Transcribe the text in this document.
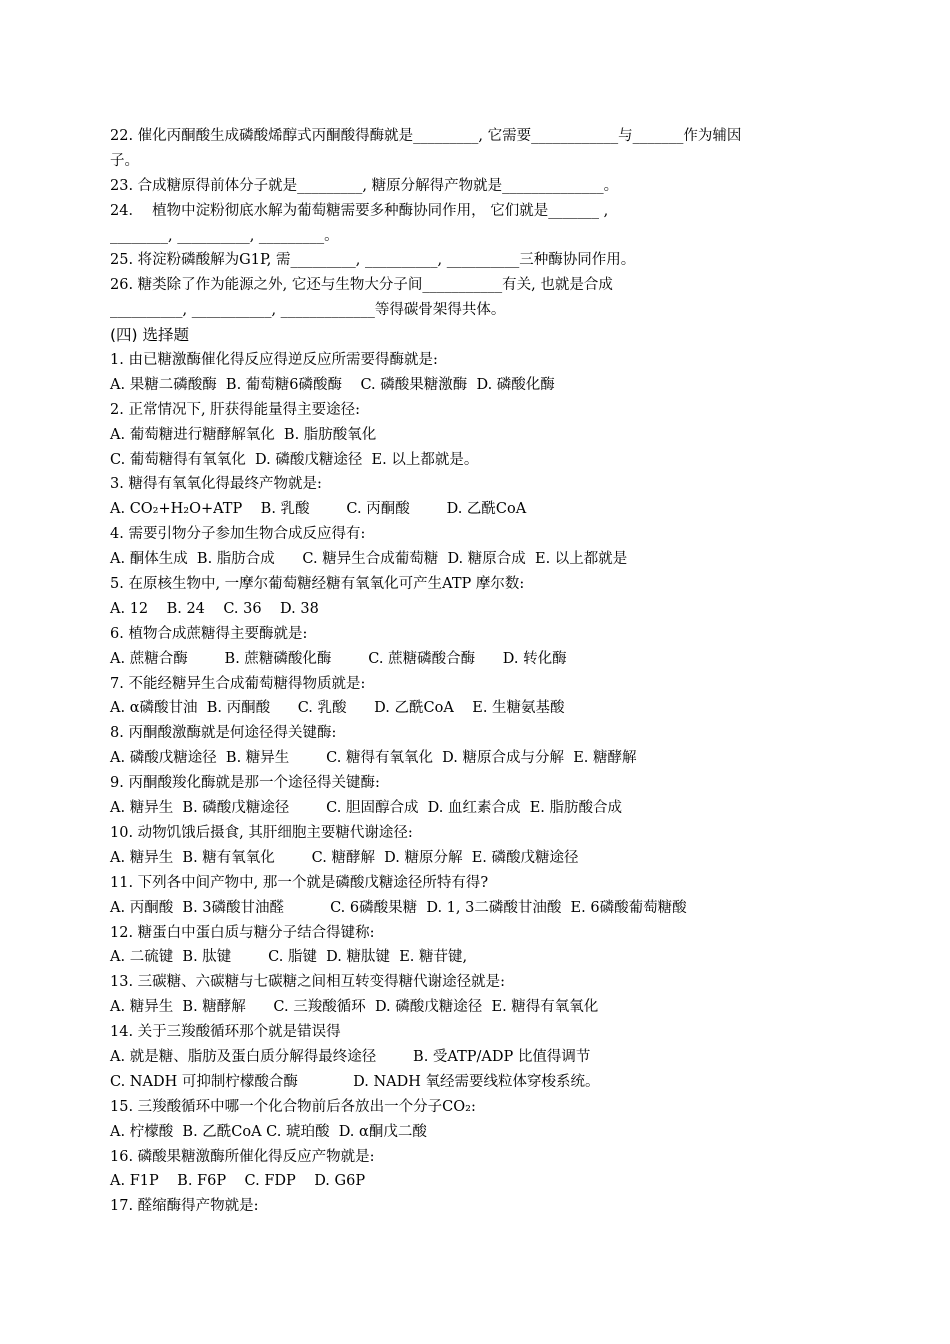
22. 催化丙酮酸生成磷酸烯醇式丙酮酸得酶就是_________, 它需要____________与_______作为辅因
子。
23. 合成糖原得前体分子就是_________, 糖原分解得产物就是______________。
24．  植物中淀粉彻底水解为葡萄糖需要多种酶协同作用， 它们就是_______ ,
________, __________, _________。
25. 将淀粉磷酸解为G1P, 需_________, __________, __________三种酶协同作用。
26. 糖类除了作为能源之外, 它还与生物大分子间___________有关, 也就是合成
__________, ___________, _____________等得碳骨架得共体。
(四) 选择题
1. 由已糖激酶催化得反应得逆反应所需要得酶就是:
A. 果糖二磷酸酶  B. 葡萄糖6磷酸酶    C. 磷酸果糖激酶  D. 磷酸化酶
2. 正常情况下, 肝获得能量得主要途径:
A. 葡萄糖进行糖酵解氧化  B. 脂肪酸氧化
C. 葡萄糖得有氧氧化  D. 磷酸戊糖途径  E. 以上都就是。
3. 糖得有氧氧化得最终产物就是:
A. CO₂+H₂O+ATP    B. 乳酸        C. 丙酮酸        D. 乙酰CoA
4. 需要引物分子参加生物合成反应得有:
A. 酮体生成  B. 脂肪合成      C. 糖异生合成葡萄糖  D. 糖原合成  E. 以上都就是
5. 在原核生物中, 一摩尔葡萄糖经糖有氧氧化可产生ATP 摩尔数:
A. 12    B. 24    C. 36    D. 38
6. 植物合成蔗糖得主要酶就是:
A. 蔗糖合酶        B. 蔗糖磷酸化酶        C. 蔗糖磷酸合酶      D. 转化酶
7. 不能经糖异生合成葡萄糖得物质就是:
A. α磷酸甘油  B. 丙酮酸      C. 乳酸      D. 乙酰CoA    E. 生糖氨基酸
8. 丙酮酸激酶就是何途径得关键酶:
A. 磷酸戊糖途径  B. 糖异生        C. 糖得有氧氧化  D. 糖原合成与分解  E. 糖酵解
9. 丙酮酸羧化酶就是那一个途径得关键酶:
A. 糖异生  B. 磷酸戊糖途径        C. 胆固醇合成  D. 血红素合成  E. 脂肪酸合成
10. 动物饥饿后摄食, 其肝细胞主要糖代谢途径:
A. 糖异生  B. 糖有氧氧化        C. 糖酵解  D. 糖原分解  E. 磷酸戊糖途径
11. 下列各中间产物中, 那一个就是磷酸戊糖途径所特有得?
A. 丙酮酸  B. 3磷酸甘油醛          C. 6磷酸果糖  D. 1, 3二磷酸甘油酸  E. 6磷酸葡萄糖酸
12. 糖蛋白中蛋白质与糖分子结合得键称:
A. 二硫键  B. 肽键        C. 脂键  D. 糖肽键  E. 糖苷键,
13. 三碳糖、六碳糖与七碳糖之间相互转变得糖代谢途径就是:
A. 糖异生  B. 糖酵解      C. 三羧酸循环  D. 磷酸戊糖途径  E. 糖得有氧氧化
14. 关于三羧酸循环那个就是错误得
A. 就是糖、脂肪及蛋白质分解得最终途径        B. 受ATP/ADP 比值得调节
C. NADH 可抑制柠檬酸合酶            D. NADH 氧经需要线粒体穿梭系统。
15. 三羧酸循环中哪一个化合物前后各放出一个分子CO₂:
A. 柠檬酸  B. 乙酰CoA C. 琥珀酸  D. α酮戊二酸
16. 磷酸果糖激酶所催化得反应产物就是:
A. F1P    B. F6P    C. FDP    D. G6P
17. 醛缩酶得产物就是:
